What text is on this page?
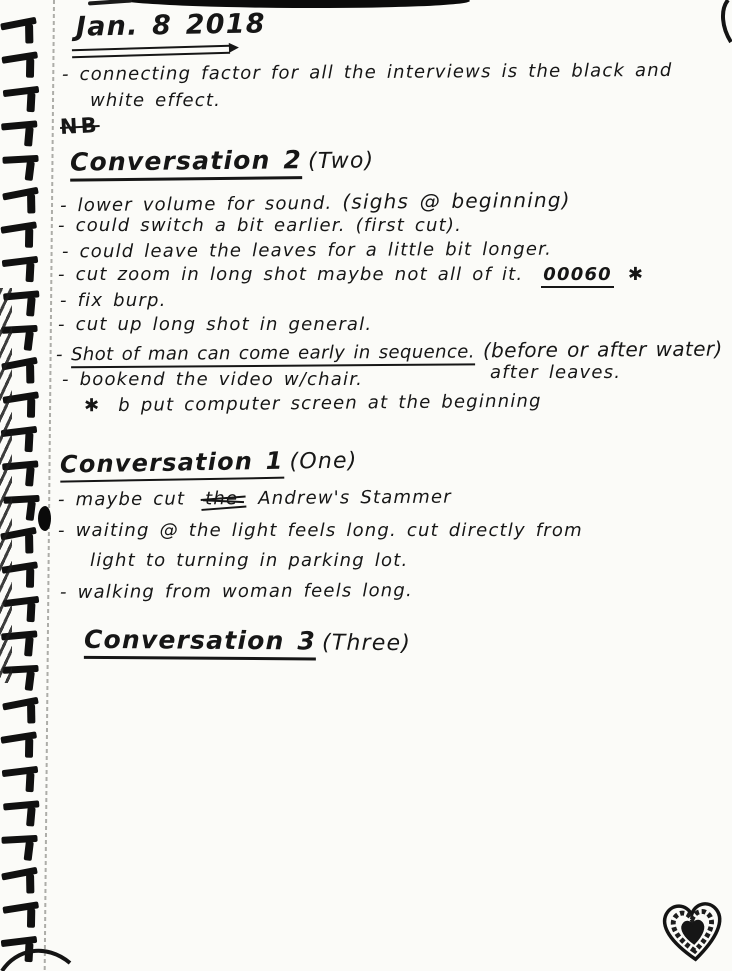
Jan. 8 2018
- connecting factor for all the interviews is the black and
white effect.
NB
Conversation 2 (Two)
- lower volume for sound. (sighs @ beginning)
- could switch a bit earlier. (first cut).
- could leave the leaves for a little bit longer.
- cut zoom in long shot maybe not all of it. 00060 ✱
- fix burp.
- cut up long shot in general.
- Shot of man can come early in sequence. (before or after water)
after leaves.
- bookend the video w/chair.
✱ b put computer screen at the beginning
Conversation 1 (One)
- maybe cut the Andrew's Stammer
- waiting @ the light feels long. cut directly from
light to turning in parking lot.
- walking from woman feels long.
Conversation 3 (Three)
